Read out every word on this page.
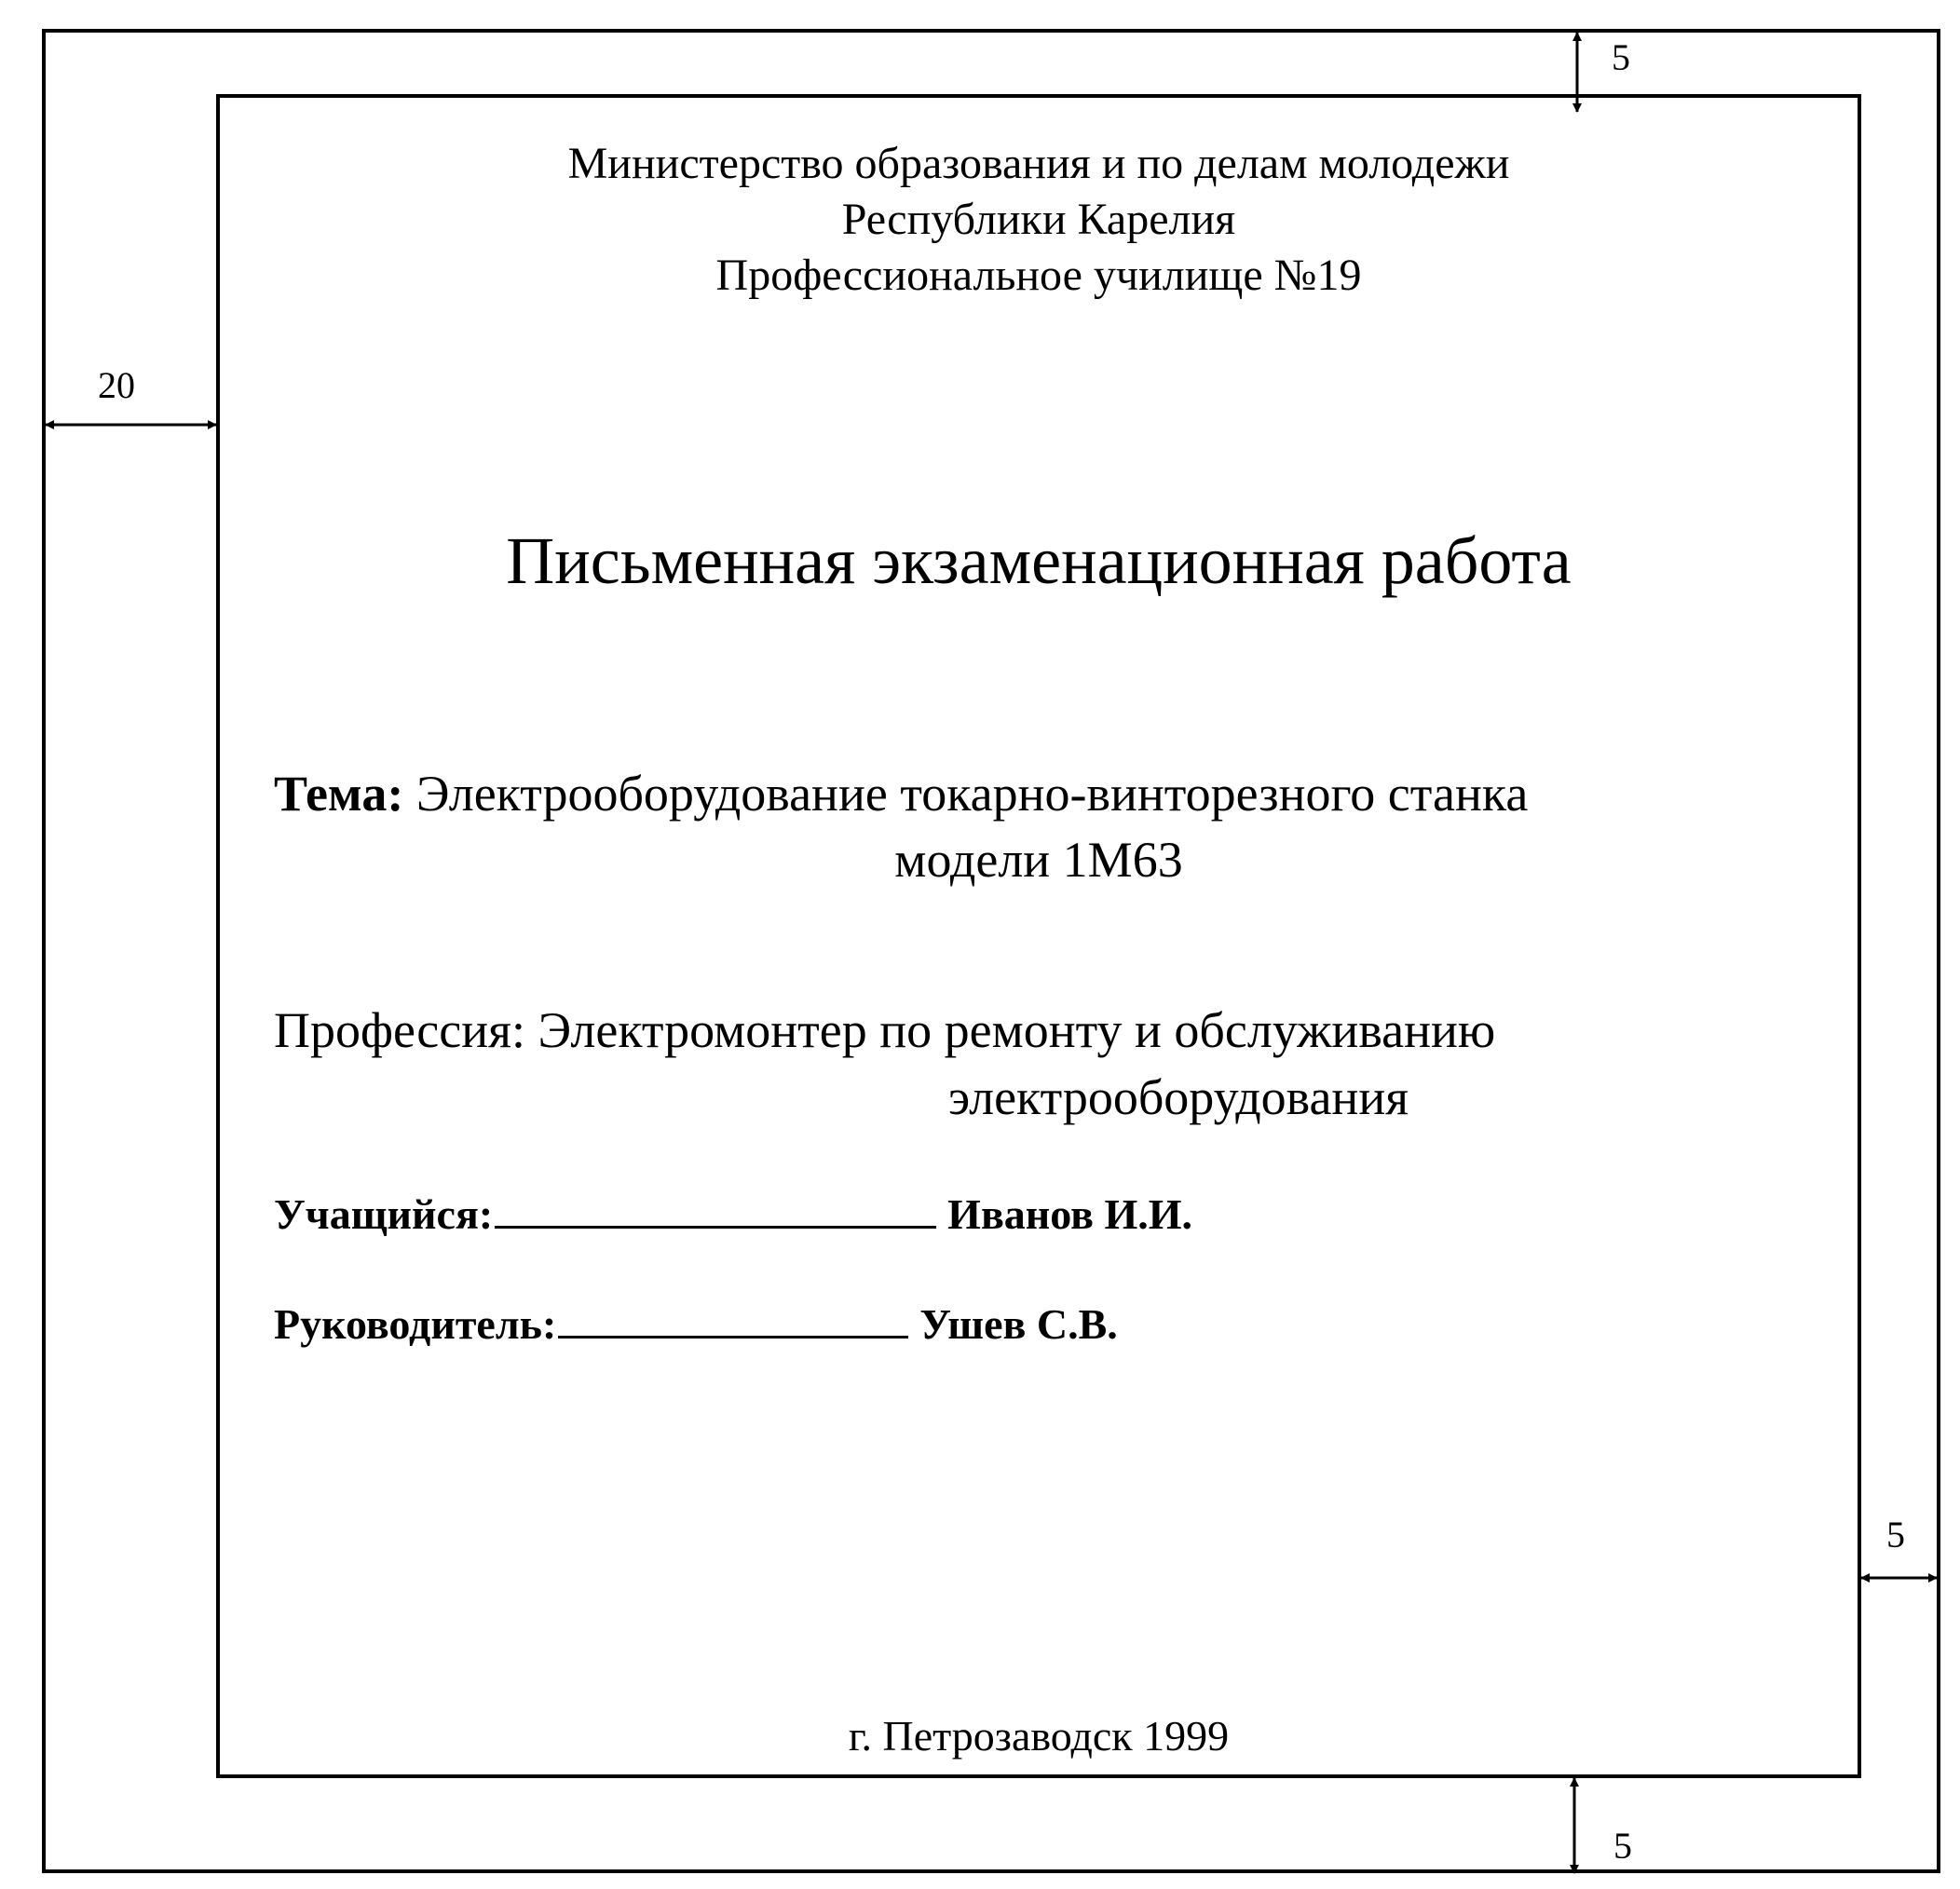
5
20
5
5
Министерство образования и по делам молодежи
Республики Карелия
Профессиональное училище №19
Письменная экзаменационная работа
Тема: Электрооборудование токарно-винторезного станка
модели 1М63
Профессия: Электромонтер по ремонту и обслуживанию
электрооборудования
Учащийся:	Иванов И.И.
Руководитель:	Ушев С.В.
г. Петрозаводск 1999
